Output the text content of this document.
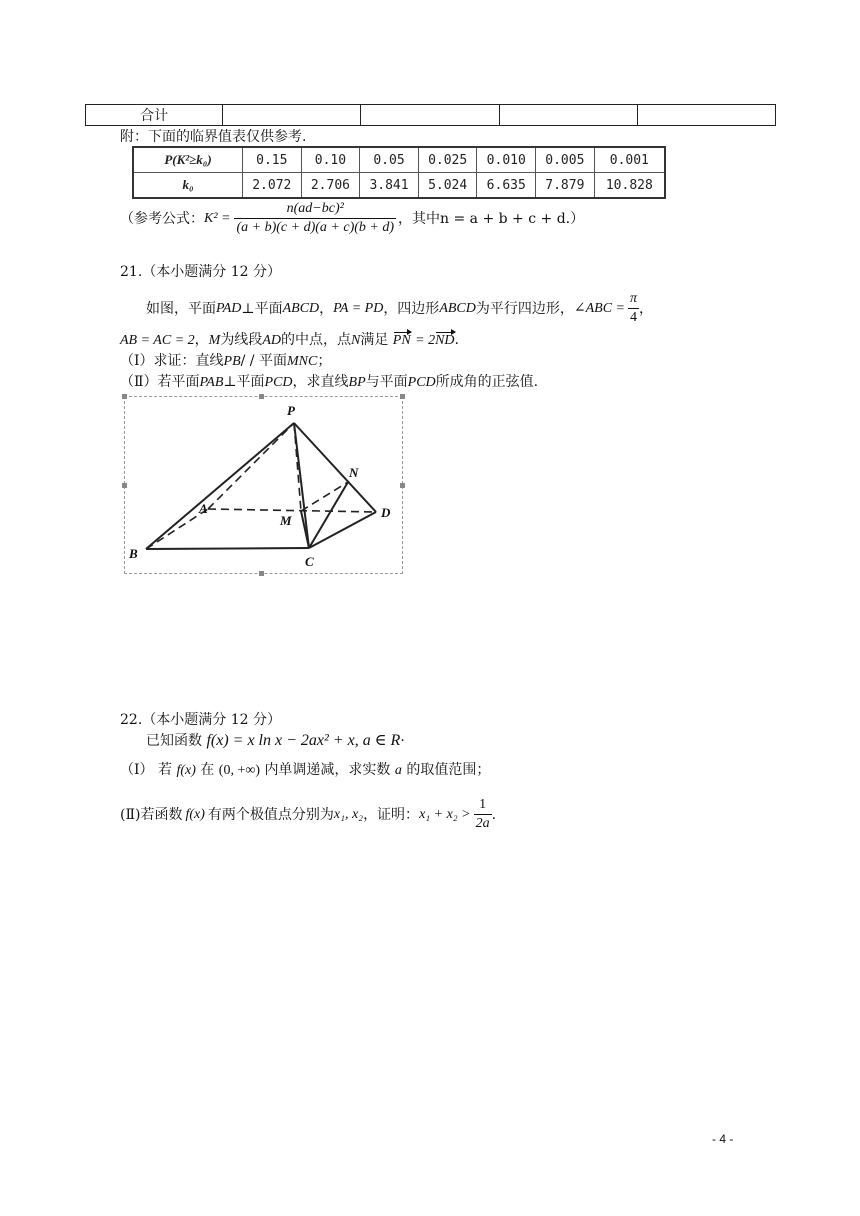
合计				
附：下面的临界值表仅供参考.
P(K²≥k₀)	0.15	0.10	0.05	0.025	0.010	0.005	0.001
k₀	2.072	2.706	3.841	5.024	6.635	7.879	10.828
（参考公式： $K^2 = \frac{\text{n(ad−bc)²}}{(a + b)(c + d)(a + c)(b + d)}$ ，其中n = a + b + c + d.）
21.（本小题满分 12 分）
如图，平面 PAD ⊥平面 ABCD ， PA = PD ，四边形 ABCD 为平行四边形， ∠ABC = $\frac{\pi}{4}$ ，
AB = AC = 2，M为线段AD的中点，点N满足 PN = 2ND.
（Ⅰ）求证：直线PB/ / 平面MNC；
（Ⅱ）若平面PAB⊥平面PCD，求直线BP与平面PCD所成角的正弦值.
P
A
B
C
D
M
N
22.（本小题满分 12 分）
已知函数 f(x) = x ln x − 2ax² + x, a ∈ R·
（Ⅰ） 若 f(x) 在 (0, +∞) 内单调递减，求实数 a 的取值范围；
(Ⅱ)若函数 f(x) 有两个极值点分别为 x₁, x₂ ，证明： $x_1 + x_2 > \frac{1}{2a}$ .
- 4 -
